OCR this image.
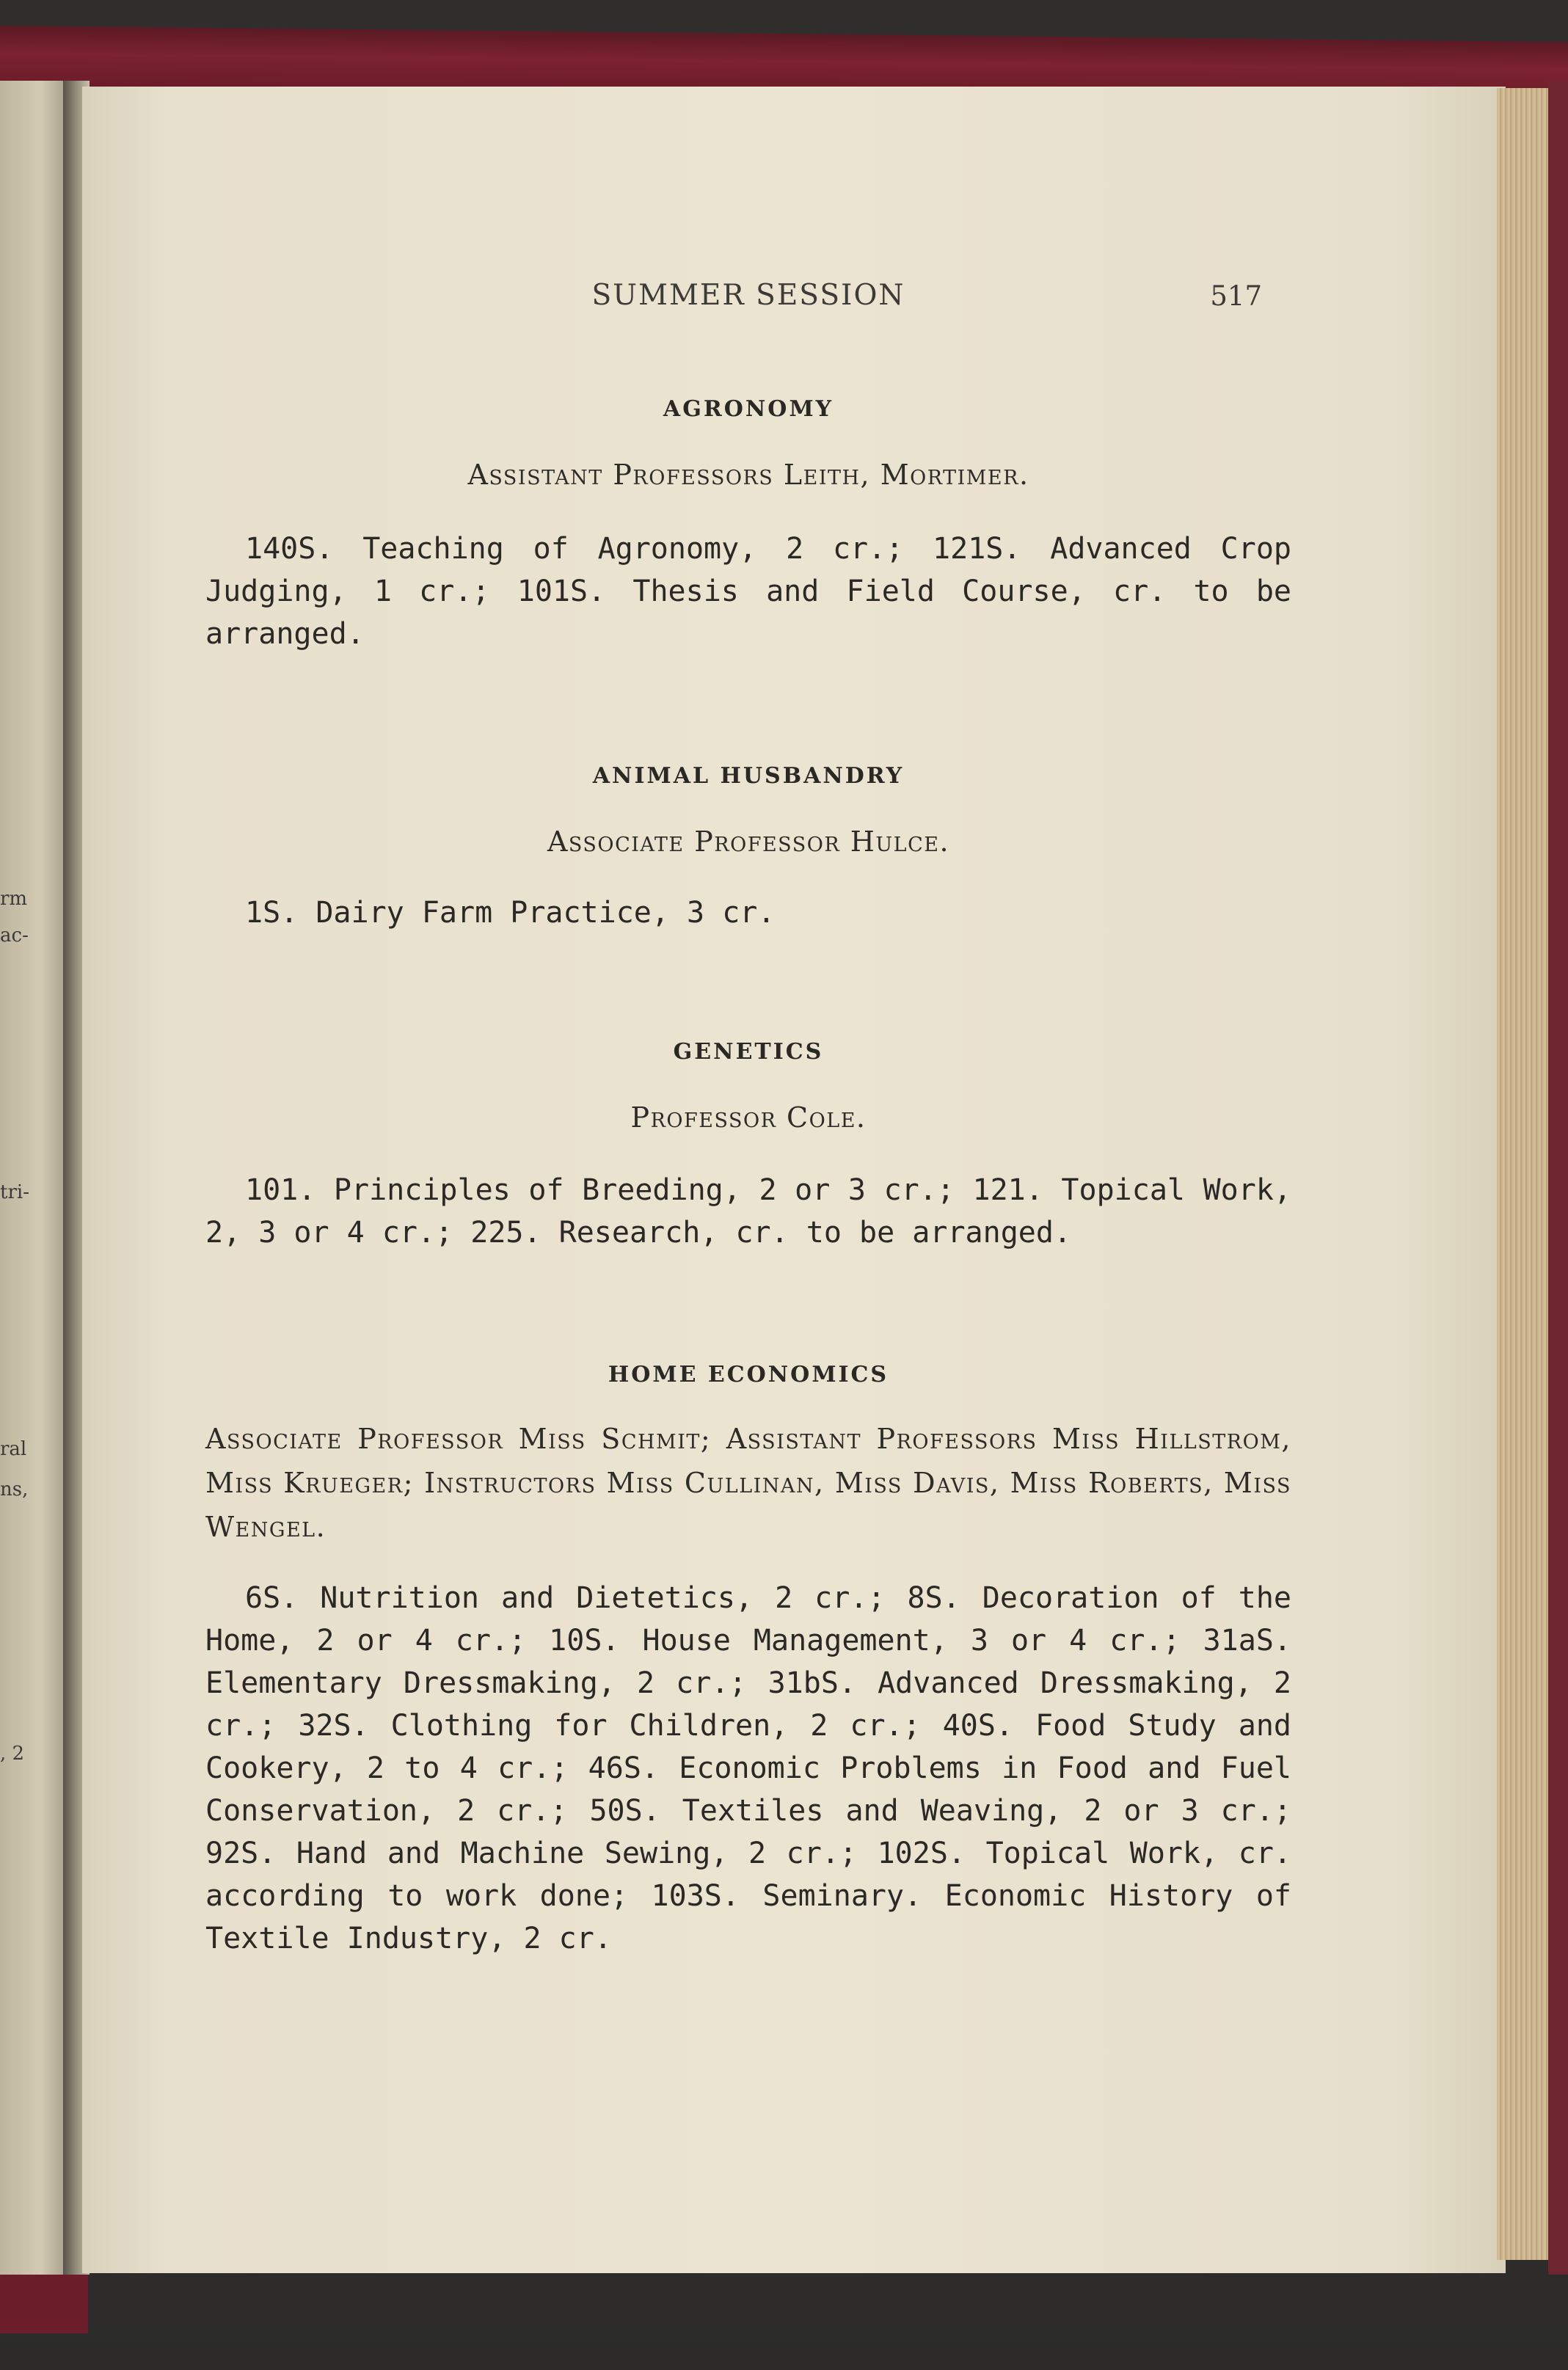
rm
ac-
tri-
ral
ns,
, 2
SUMMER SESSION	517

AGRONOMY

Assistant Professors Leith, Mortimer.

140S. Teaching of Agronomy, 2 cr.; 121S. Advanced Crop Judging, 1 cr.; 101S. Thesis and Field Course, cr. to be arranged.

ANIMAL HUSBANDRY

Associate Professor Hulce.

1S. Dairy Farm Practice, 3 cr.

GENETICS

Professor Cole.

101. Principles of Breeding, 2 or 3 cr.; 121. Topical Work, 2, 3 or 4 cr.; 225. Research, cr. to be arranged.

HOME ECONOMICS

Associate Professor Miss Schmit; Assistant Professors Miss Hillstrom, Miss Krueger; Instructors Miss Cullinan, Miss Davis, Miss Roberts, Miss Wengel.

6S. Nutrition and Dietetics, 2 cr.; 8S. Decoration of the Home, 2 or 4 cr.; 10S. House Management, 3 or 4 cr.; 31aS. Elementary Dressmaking, 2 cr.; 31bS. Advanced Dressmaking, 2 cr.; 32S. Clothing for Children, 2 cr.; 40S. Food Study and Cookery, 2 to 4 cr.; 46S. Economic Problems in Food and Fuel Conservation, 2 cr.; 50S. Textiles and Weaving, 2 or 3 cr.; 92S. Hand and Machine Sewing, 2 cr.; 102S. Topical Work, cr. according to work done; 103S. Seminary. Economic History of Textile Industry, 2 cr.
